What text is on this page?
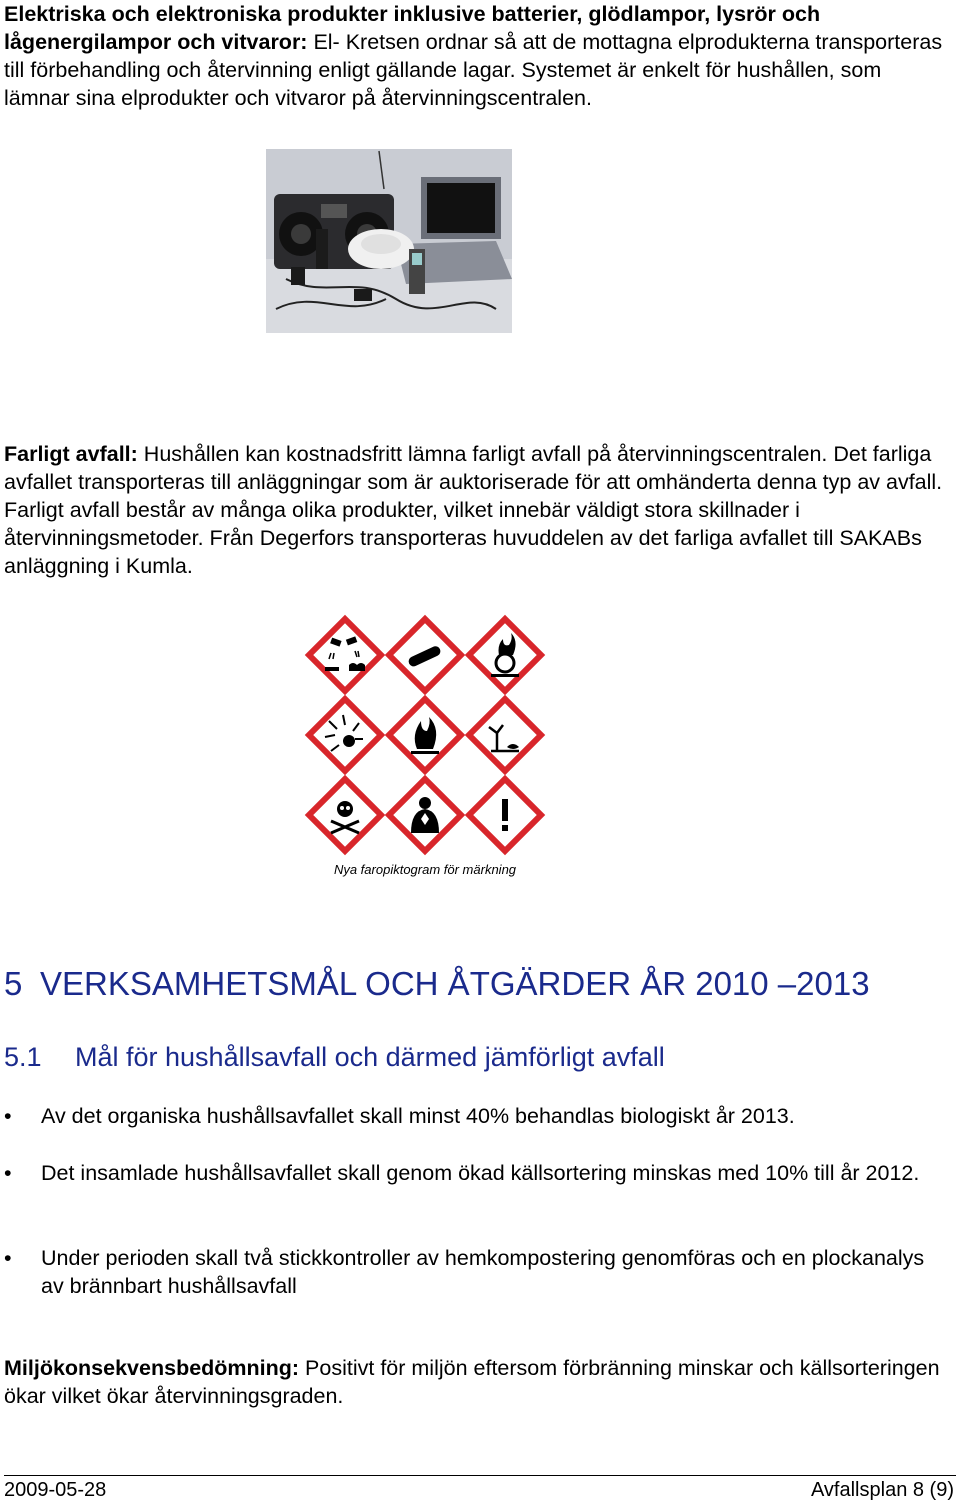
Elektriska och elektroniska produkter inklusive batterier, glödlampor, lysrör och lågenergilampor och vitvaror: El- Kretsen ordnar så att de mottagna elprodukterna transporteras till förbehandling och återvinning enligt gällande lagar. Systemet är enkelt för hushållen, som lämnar sina elprodukter och vitvaror på återvinningscentralen.

Farligt avfall: Hushållen kan kostnadsfritt lämna farligt avfall på återvinningscentralen. Det farliga avfallet transporteras till anläggningar som är auktoriserade för att omhänderta denna typ av avfall. Farligt avfall består av många olika produkter, vilket innebär väldigt stora skillnader i återvinningsmetoder. Från Degerfors transporteras huvuddelen av det farliga avfallet till SAKABs anläggning i Kumla.

Nya faropiktogram för märkning
5 VERKSAMHETSMÅL OCH ÅTGÄRDER ÅR 2010 –2013
5.1 Mål för hushållsavfall och därmed jämförligt avfall
•	Av det organiska hushållsavfallet skall minst 40% behandlas biologiskt år 2013.
•	Det insamlade hushållsavfallet skall genom ökad källsortering minskas med 10% till år 2012.
•	Under perioden skall två stickkontroller av hemkompostering genomföras och en plockanalys av brännbart hushållsavfall

Miljökonsekvensbedömning: Positivt för miljön eftersom förbränning minskar och källsorteringen ökar vilket ökar återvinningsgraden.

2009-05-28	Avfallsplan 8 (9)
